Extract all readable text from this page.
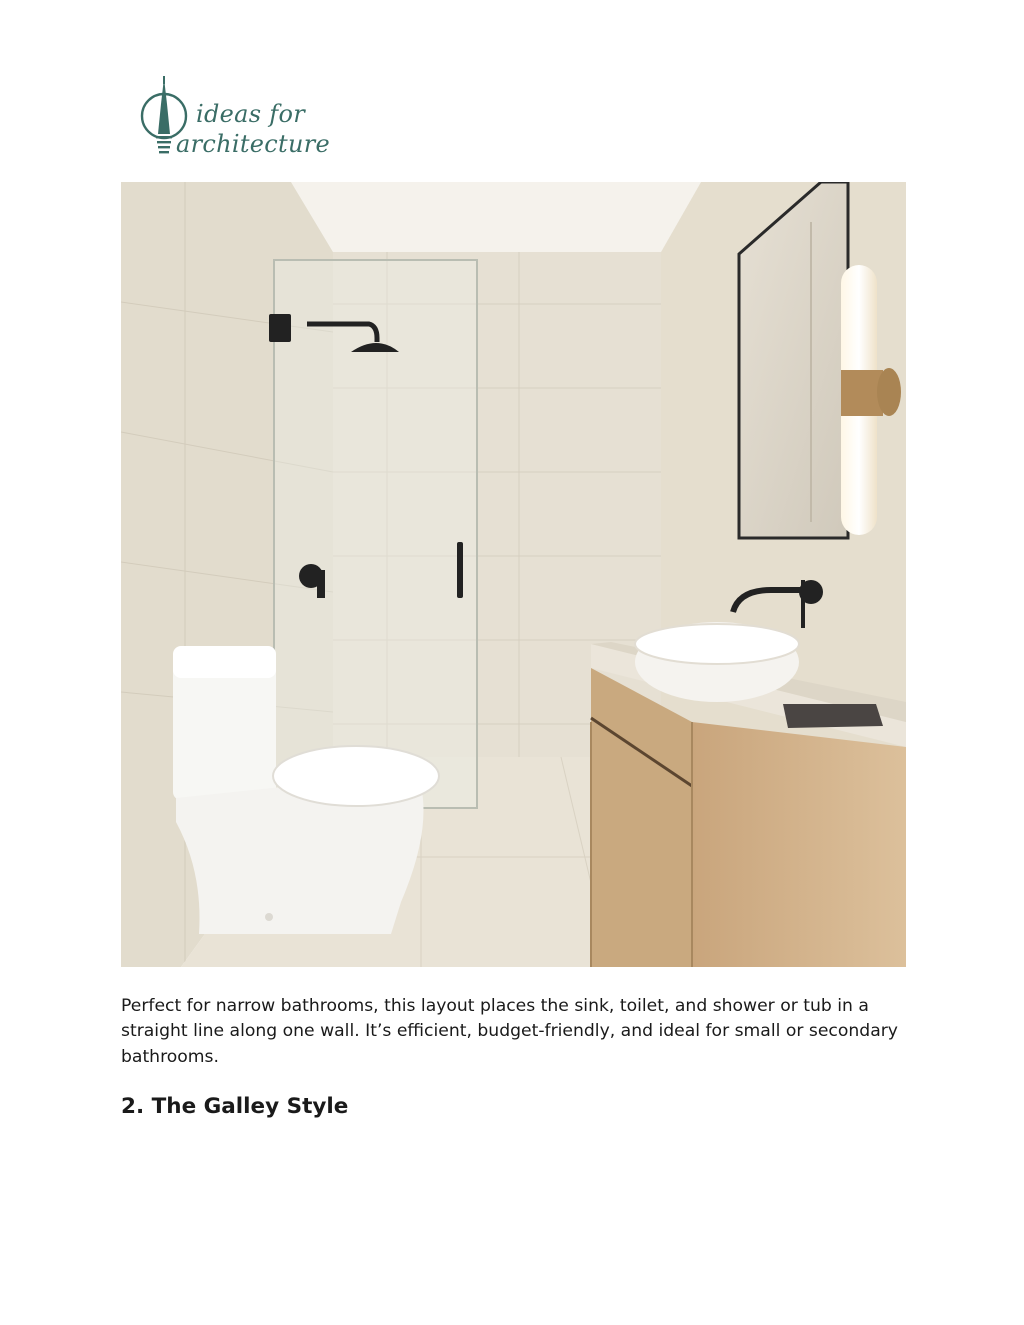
ideas for
architecture

Perfect for narrow bathrooms, this layout places the sink, toilet, and shower or tub in a straight line along one wall. It’s efficient, budget-friendly, and ideal for small or secondary bathrooms.

2. The Galley Style
